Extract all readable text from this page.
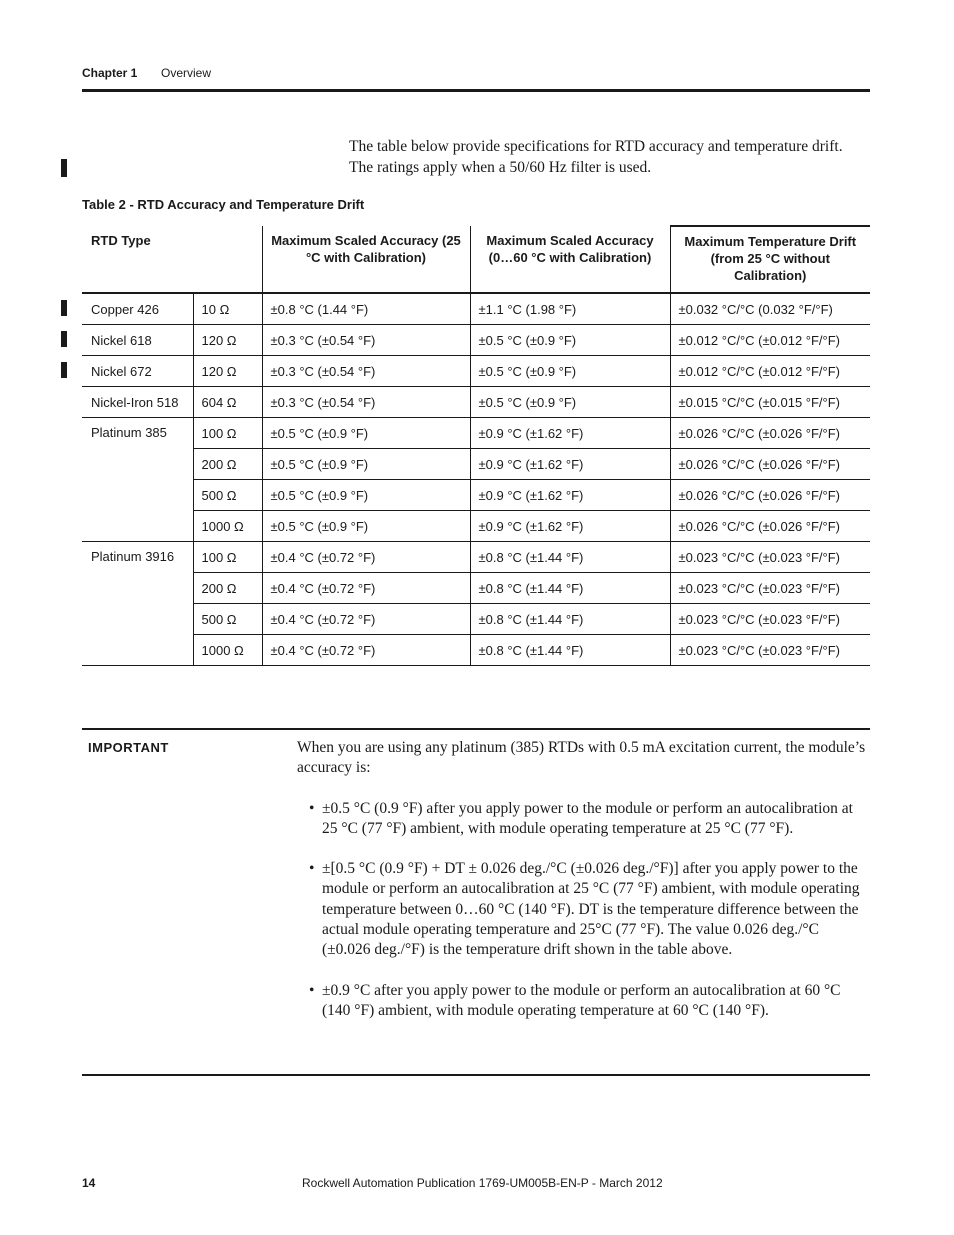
Chapter 1 Overview
The table below provide specifications for RTD accuracy and temperature drift. The ratings apply when a 50/60 Hz filter is used.
Table 2 - RTD Accuracy and Temperature Drift
RTD Type		Maximum Scaled Accuracy (25 °C with Calibration)	Maximum Scaled Accuracy (0…60 °C with Calibration)	Maximum Temperature Drift (from 25 °C without Calibration)
Copper 426	10 Ω	±0.8 °C (1.44 °F)	±1.1 °C (1.98 °F)	±0.032 °C/°C (0.032 °F/°F)
Nickel 618	120 Ω	±0.3 °C (±0.54 °F)	±0.5 °C (±0.9 °F)	±0.012 °C/°C (±0.012 °F/°F)
Nickel 672	120 Ω	±0.3 °C (±0.54 °F)	±0.5 °C (±0.9 °F)	±0.012 °C/°C (±0.012 °F/°F)
Nickel-Iron 518	604 Ω	±0.3 °C (±0.54 °F)	±0.5 °C (±0.9 °F)	±0.015 °C/°C (±0.015 °F/°F)
Platinum 385	100 Ω	±0.5 °C (±0.9 °F)	±0.9 °C (±1.62 °F)	±0.026 °C/°C (±0.026 °F/°F)
	200 Ω	±0.5 °C (±0.9 °F)	±0.9 °C (±1.62 °F)	±0.026 °C/°C (±0.026 °F/°F)
	500 Ω	±0.5 °C (±0.9 °F)	±0.9 °C (±1.62 °F)	±0.026 °C/°C (±0.026 °F/°F)
	1000 Ω	±0.5 °C (±0.9 °F)	±0.9 °C (±1.62 °F)	±0.026 °C/°C (±0.026 °F/°F)
Platinum 3916	100 Ω	±0.4 °C (±0.72 °F)	±0.8 °C (±1.44 °F)	±0.023 °C/°C (±0.023 °F/°F)
	200 Ω	±0.4 °C (±0.72 °F)	±0.8 °C (±1.44 °F)	±0.023 °C/°C (±0.023 °F/°F)
	500 Ω	±0.4 °C (±0.72 °F)	±0.8 °C (±1.44 °F)	±0.023 °C/°C (±0.023 °F/°F)
	1000 Ω	±0.4 °C (±0.72 °F)	±0.8 °C (±1.44 °F)	±0.023 °C/°C (±0.023 °F/°F)
IMPORTANT	When you are using any platinum (385) RTDs with 0.5 mA excitation current, the module’s accuracy is:

• ±0.5 °C (0.9 °F) after you apply power to the module or perform an autocalibration at 25 °C (77 °F) ambient, with module operating temperature at 25 °C (77 °F).
• ±[0.5 °C (0.9 °F) + DT ± 0.026 deg./°C (±0.026 deg./°F)] after you apply power to the module or perform an autocalibration at 25 °C (77 °F) ambient, with module operating temperature between 0…60 °C (140 °F). DT is the temperature difference between the actual module operating temperature and 25°C (77 °F). The value 0.026 deg./°C (±0.026 deg./°F) is the temperature drift shown in the table above.
• ±0.9 °C after you apply power to the module or perform an autocalibration at 60 °C (140 °F) ambient, with module operating temperature at 60 °C (140 °F).
14	Rockwell Automation Publication 1769-UM005B-EN-P - March 2012
